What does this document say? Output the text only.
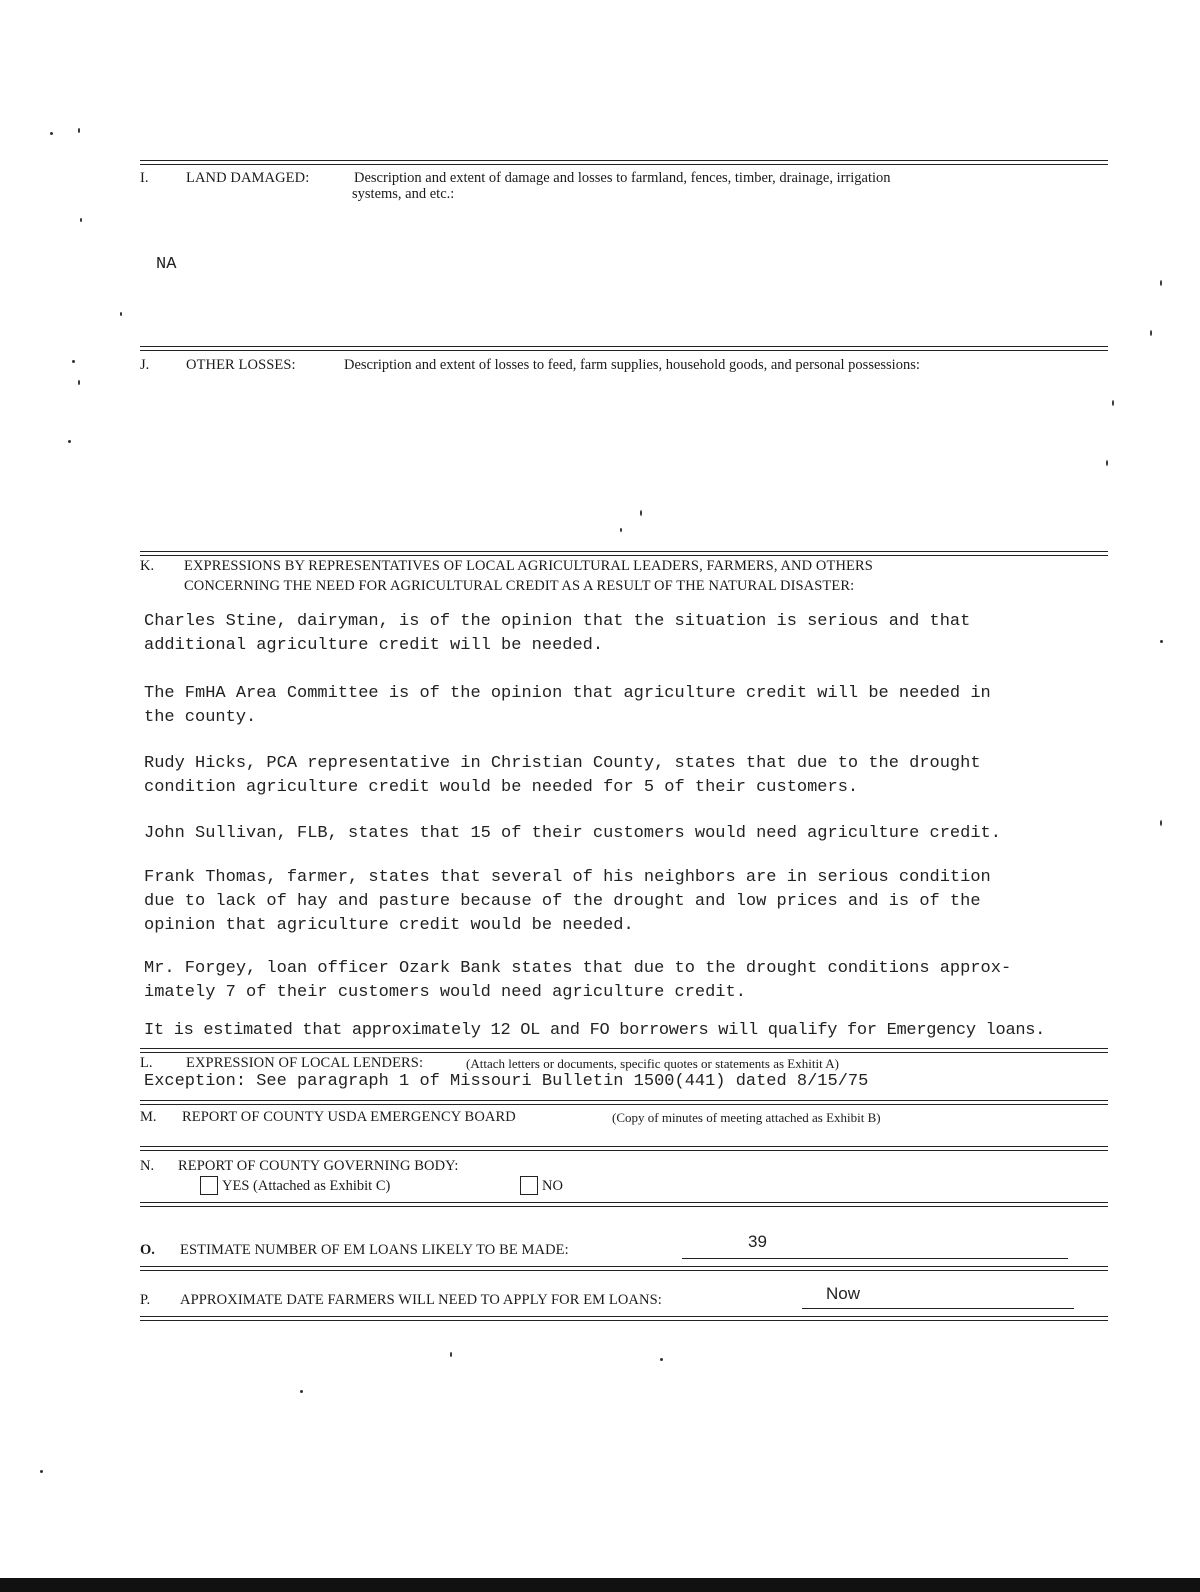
I.	LAND DAMAGED:	Description and extent of damage and losses to farmland, fences, timber, drainage, irrigation
systems, and etc.:
NA
J.	OTHER LOSSES:	Description and extent of losses to feed, farm supplies, household goods, and personal possessions:
K. EXPRESSIONS BY REPRESENTATIVES OF LOCAL AGRICULTURAL LEADERS, FARMERS, AND OTHERS
CONCERNING THE NEED FOR AGRICULTURAL CREDIT AS A RESULT OF THE NATURAL DISASTER:
Charles Stine, dairyman, is of the opinion that the situation is serious and that
additional agriculture credit will be needed.
The FmHA Area Committee is of the opinion that agriculture credit will be needed in
the county.
Rudy Hicks, PCA representative in Christian County, states that due to the drought
condition agriculture credit would be needed for 5 of their customers.
John Sullivan, FLB, states that 15 of their customers would need agriculture credit.
Frank Thomas, farmer, states that several of his neighbors are in serious condition
due to lack of hay and pasture because of the drought and low prices and is of the
opinion that agriculture credit would be needed.
Mr. Forgey, loan officer Ozark Bank states that due to the drought conditions approx-
imately 7 of their customers would need agriculture credit.
It is estimated that approximately 12 OL and FO borrowers will qualify for Emergency loans.
L. EXPRESSION OF LOCAL LENDERS:	(Attach letters or documents, specific quotes or statements as Exhitit A)
Exception: See paragraph 1 of Missouri Bulletin 1500(441) dated 8/15/75
M. REPORT OF COUNTY USDA EMERGENCY BOARD	(Copy of minutes of meeting attached as Exhibit B)
N. REPORT OF COUNTY GOVERNING BODY:
YES (Attached as Exhibit C)	NO
O. ESTIMATE NUMBER OF EM LOANS LIKELY TO BE MADE:	39
P. APPROXIMATE DATE FARMERS WILL NEED TO APPLY FOR EM LOANS:	Now
